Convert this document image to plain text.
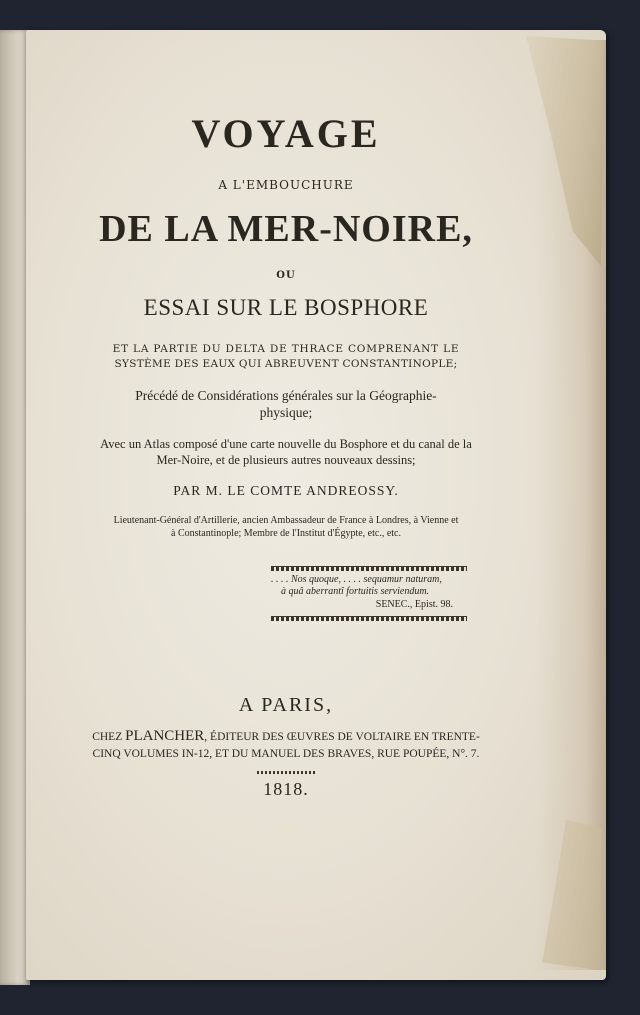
VOYAGE
A L'EMBOUCHURE
DE LA MER-NOIRE,
OU
ESSAI SUR LE BOSPHORE
ET LA PARTIE DU DELTA DE THRACE COMPRENANT LE
SYSTÈME DES EAUX QUI ABREUVENT CONSTANTINOPLE;
Précédé de Considérations générales sur la Géographie-
physique;
Avec un Atlas composé d'une carte nouvelle du Bosphore et du canal de la
Mer-Noire, et de plusieurs autres nouveaux dessins;
PAR M. LE COMTE ANDREOSSY.
Lieutenant-Général d'Artillerie, ancien Ambassadeur de France à Londres, à Vienne et
à Constantinople; Membre de l'Institut d'Égypte, etc., etc.
. . . . Nos quoque, . . . . sequamur naturam,
à quâ aberrantî fortuitis serviendum.
SENEC., Epist. 98.
A PARIS,
CHEZ PLANCHER, ÉDITEUR DES ŒUVRES DE VOLTAIRE EN TRENTE-
CINQ VOLUMES IN-12, ET DU MANUEL DES BRAVES, RUE POUPÉE, N°. 7.
1818.
